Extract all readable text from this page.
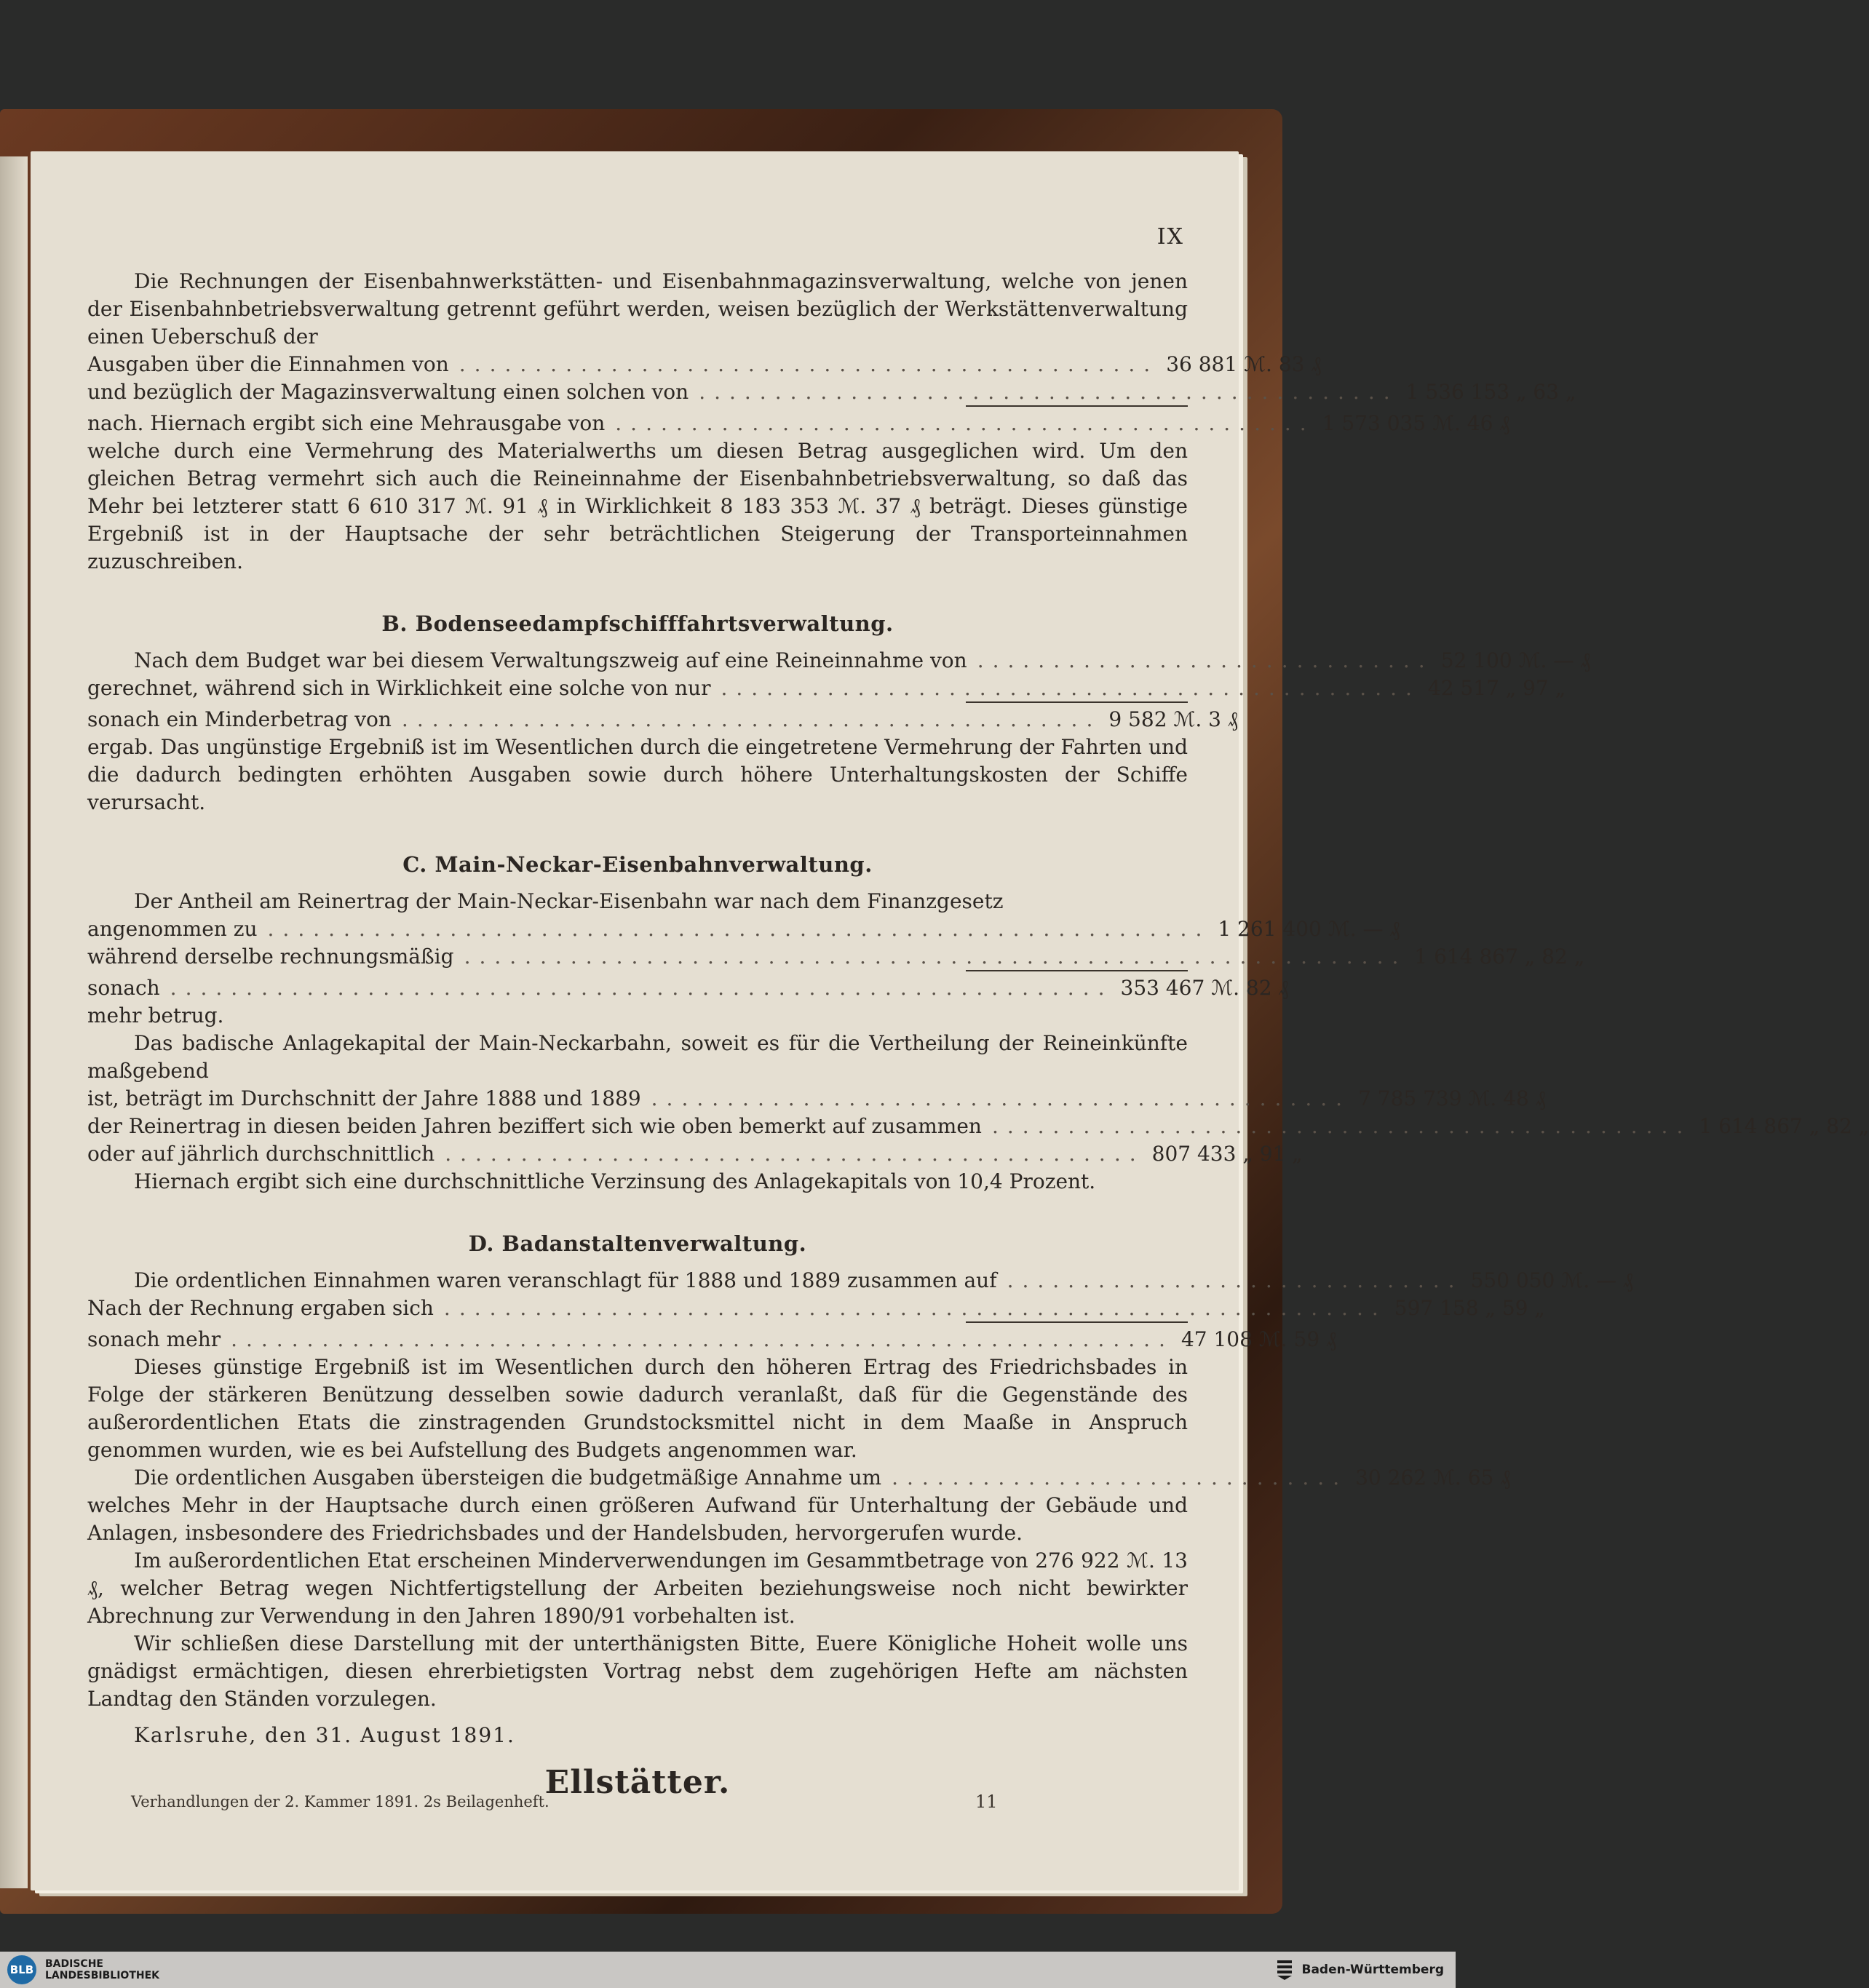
IX

Die Rechnungen der Eisenbahnwerkstätten- und Eisenbahnmagazinsverwaltung, welche von jenen der Eisenbahnbetriebsverwaltung getrennt geführt werden, weisen bezüglich der Werkstättenverwaltung einen Ueberschuß der

Ausgaben über die Einnahmen von .............................................. 36 881 ℳ. 83 ₰
und bezüglich der Magazinsverwaltung einen solchen von .............................................. 1 536 153 „ 63 „
nach. Hiernach ergibt sich eine Mehrausgabe von .............................................. 1 573 035 ℳ. 46 ₰

welche durch eine Vermehrung des Materialwerths um diesen Betrag ausgeglichen wird. Um den gleichen Betrag vermehrt sich auch die Reineinnahme der Eisenbahnbetriebsverwaltung, so daß das Mehr bei letzterer statt 6 610 317 ℳ. 91 ₰ in Wirklichkeit 8 183 353 ℳ. 37 ₰ beträgt. Dieses günstige Ergebniß ist in der Hauptsache der sehr beträchtlichen Steigerung der Transporteinnahmen zuzuschreiben.

B. Bodenseedampfschifffahrtsverwaltung.

Nach dem Budget war bei diesem Verwaltungszweig auf eine Reineinnahme von .............................. 52 100 ℳ. — ₰
gerechnet, während sich in Wirklichkeit eine solche von nur .............................................. 42 517 „ 97 „
sonach ein Minderbetrag von .............................................. 9 582 ℳ. 3 ₰

ergab. Das ungünstige Ergebniß ist im Wesentlichen durch die eingetretene Vermehrung der Fahrten und die dadurch bedingten erhöhten Ausgaben sowie durch höhere Unterhaltungskosten der Schiffe verursacht.

C. Main-Neckar-Eisenbahnverwaltung.

Der Antheil am Reinertrag der Main-Neckar-Eisenbahn war nach dem Finanzgesetz

angenommen zu .............................................................. 1 261 400 ℳ. — ₰
während derselbe rechnungsmäßig .............................................................. 1 614 867 „ 82 „
sonach .............................................................. 353 467 ℳ. 82 ₰

mehr betrug.

Das badische Anlagekapital der Main-Neckarbahn, soweit es für die Vertheilung der Reineinkünfte maßgebend

ist, beträgt im Durchschnitt der Jahre 1888 und 1889 .............................................. 7 785 739 ℳ. 48 ₰
der Reinertrag in diesen beiden Jahren beziffert sich wie oben bemerkt auf zusammen .............................................. 1 614 867 „ 82 „
oder auf jährlich durchschnittlich .............................................. 807 433 „ 91 „

Hiernach ergibt sich eine durchschnittliche Verzinsung des Anlagekapitals von 10,4 Prozent.

D. Badanstaltenverwaltung.

Die ordentlichen Einnahmen waren veranschlagt für 1888 und 1889 zusammen auf .............................. 550 050 ℳ. — ₰
Nach der Rechnung ergaben sich .............................................................. 597 158 „ 59 „
sonach mehr .............................................................. 47 108 ℳ. 59 ₰

Dieses günstige Ergebniß ist im Wesentlichen durch den höheren Ertrag des Friedrichsbades in Folge der stärkeren Benützung desselben sowie dadurch veranlaßt, daß für die Gegenstände des außerordentlichen Etats die zinstragenden Grundstocksmittel nicht in dem Maaße in Anspruch genommen wurden, wie es bei Aufstellung des Budgets angenommen war.

Die ordentlichen Ausgaben übersteigen die budgetmäßige Annahme um .............................. 30 262 ℳ. 65 ₰

welches Mehr in der Hauptsache durch einen größeren Aufwand für Unterhaltung der Gebäude und Anlagen, insbesondere des Friedrichsbades und der Handelsbuden, hervorgerufen wurde.

Im außerordentlichen Etat erscheinen Minderverwendungen im Gesammtbetrage von 276 922 ℳ. 13 ₰, welcher Betrag wegen Nichtfertigstellung der Arbeiten beziehungsweise noch nicht bewirkter Abrechnung zur Verwendung in den Jahren 1890/91 vorbehalten ist.

Wir schließen diese Darstellung mit der unterthänigsten Bitte, Euere Königliche Hoheit wolle uns gnädigst ermächtigen, diesen ehrerbietigsten Vortrag nebst dem zugehörigen Hefte am nächsten Landtag den Ständen vorzulegen.

Karlsruhe, den 31. August 1891.

Ellstätter.

Verhandlungen der 2. Kammer 1891. 2s Beilagenheft.	11
BLB BADISCHE
LANDESBIBLIOTHEK	Baden-Württemberg
